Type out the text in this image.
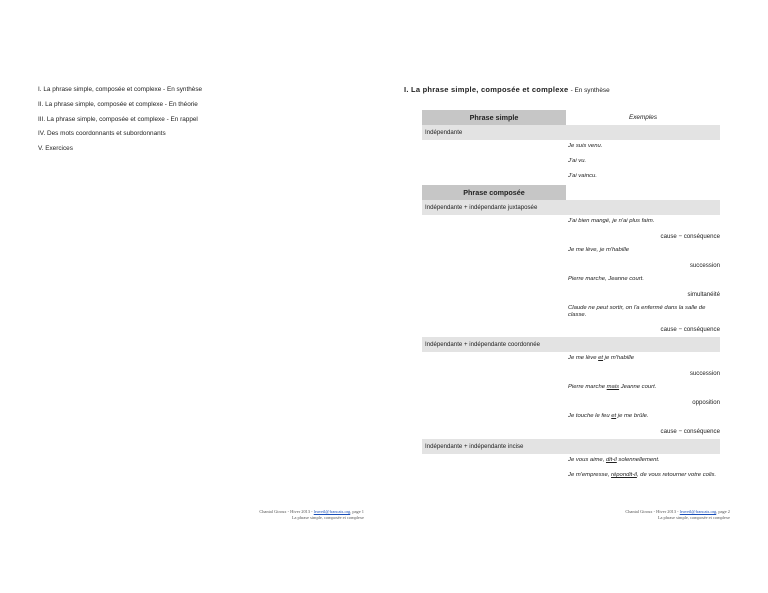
I. La phrase simple, composée et complexe - En synthèse
II. La phrase simple, composée et complexe - En théorie
III. La phrase simple, composée et complexe - En rappel
IV. Des mots coordonnants et subordonnants
V. Exercices
Chantal Giroux - Hiver 2013 - leaveil@francais.org, page 1
La phrase simple, composée et complexe
I. La phrase simple, composée et complexe - En synthèse
Phrase simple	Exemples
Indépendante
Je suis venu.
J'ai vu.
J'ai vaincu.
Phrase composée
Indépendante + indépendante juxtaposée
J'ai bien mangé, je n'ai plus faim.
cause − conséquence
Je me lève, je m'habille
succession
Pierre marche, Jeanne court.
simultanéité
Claude ne peut sortir, on l'a enfermé dans la salle de classe.
cause − conséquence
Indépendante + indépendante coordonnée
Je me lève et je m'habille
succession
Pierre marche mais Jeanne court.
opposition
Je touche le feu et je me brûle.
cause − conséquence
Indépendante + indépendante incise
Je vous aime, dit-il solennellement.
Je m'empresse, répondit-il, de vous retourner votre colis.
Chantal Giroux - Hiver 2013 - leaveil@francais.org, page 2
La phrase simple, composée et complexe
